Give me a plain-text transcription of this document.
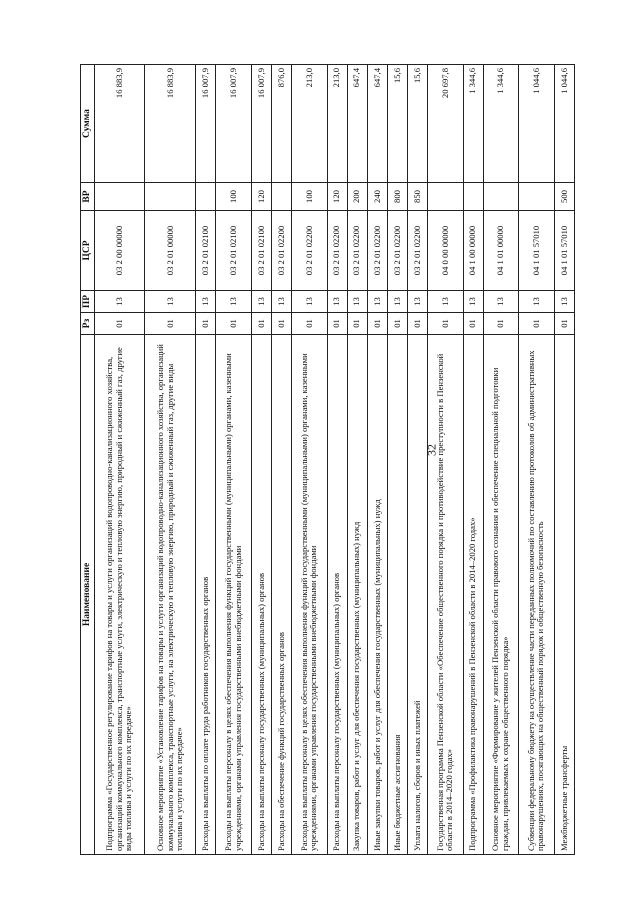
32
Наименование	Рз	ПР	ЦСР	ВР	Сумма
Подпрограмма «Государственное регулирование тарифов на товары и услуги организаций водопроводно-канализационного хозяйства, организаций коммунального комплекса, транспортные услуги, электрическую и тепловую энергию, природный и сжиженный газ, другие виды топлива и услуги по их передаче»	01	13	03 2 00 00000		16 883,9
Основное мероприятие «Установление тарифов на товары и услуги организаций водопроводно-канализационного хозяйства, организаций коммунального комплекса, транспортные услуги, на электрическую и тепловую энергию, природный и сжиженный газ, другие виды топлива и услуги по их передаче»	01	13	03 2 01 00000		16 883,9
Расходы на выплаты по оплате труда работников государственных органов	01	13	03 2 01 02100		16 007,9
Расходы на выплаты персоналу в целях обеспечения выполнения функций государственными (муниципальными) органами, казенными учреждениями, органами управления государственными внебюджетными фондами	01	13	03 2 01 02100	100	16 007,9
Расходы на выплаты персоналу государственных (муниципальных) органов	01	13	03 2 01 02100	120	16 007,9
Расходы на обеспечение функций государственных органов	01	13	03 2 01 02200		876,0
Расходы на выплаты персоналу в целях обеспечения выполнения функций государственными (муниципальными) органами, казенными учреждениями, органами управления государственными внебюджетными фондами	01	13	03 2 01 02200	100	213,0
Расходы на выплаты персоналу государственных (муниципальных) органов	01	13	03 2 01 02200	120	213,0
Закупка товаров, работ и услуг для обеспечения государственных (муниципальных) нужд	01	13	03 2 01 02200	200	647,4
Иные закупки товаров, работ и услуг для обеспечения государственных (муниципальных) нужд	01	13	03 2 01 02200	240	647,4
Иные бюджетные ассигнования	01	13	03 2 01 02200	800	15,6
Уплата налогов, сборов и иных платежей	01	13	03 2 01 02200	850	15,6
Государственная программа Пензенской области «Обеспечение общественного порядка и противодействие преступности в Пензенской области в 2014–2020 годах»	01	13	04 0 00 00000		20 697,8
Подпрограмма «Профилактика правонарушений в Пензенской области в 2014–2020 годах»	01	13	04 1 00 00000		1 344,6
Основное мероприятие «Формирование у жителей Пензенской области правового сознания и обеспечение специальной подготовки граждан, привлекаемых к охране общественного порядка»	01	13	04 1 01 00000		1 344,6
Субвенции федеральному бюджету на осуществление части переданных полномочий по составлению протоколов об административных правонарушениях, посягающих на общественный порядок и общественную безопасность	01	13	04 1 01 57010		1 044,6
Межбюджетные трансферты	01	13	04 1 01 57010	500	1 044,6
